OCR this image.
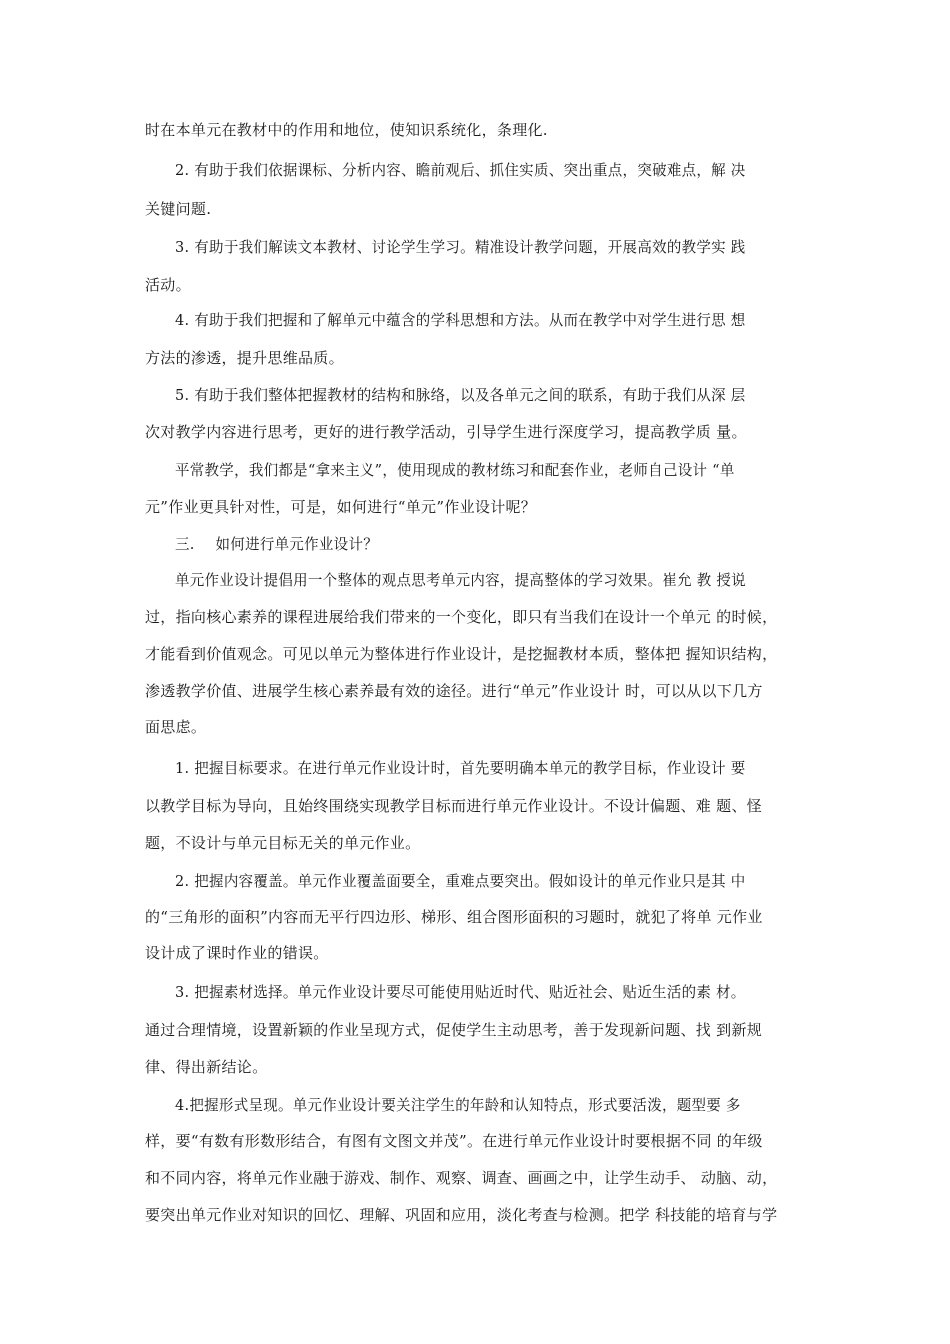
时在本单元在教材中的作用和地位，使知识系统化，条理化.
2. 有助于我们依据课标、分析内容、瞻前观后、抓住实质、突出重点，突破难点，解 决
关键问题.
3. 有助于我们解读文本教材、讨论学生学习。精准设计教学问题，开展高效的教学实 践
活动。
4. 有助于我们把握和了解单元中蕴含的学科思想和方法。从而在教学中对学生进行思 想
方法的渗透，提升思维品质。
5. 有助于我们整体把握教材的结构和脉络，以及各单元之间的联系，有助于我们从深 层
次对教学内容进行思考，更好的进行教学活动，引导学生进行深度学习，提高教学质 量。
平常教学，我们都是“拿来主义”，使用现成的教材练习和配套作业，老师自己设计 “单
元”作业更具针对性，可是，如何进行“单元”作业设计呢？
三. 如何进行单元作业设计？
单元作业设计提倡用一个整体的观点思考单元内容，提高整体的学习效果。崔允 教 授说
过，指向核心素养的课程进展给我们带来的一个变化，即只有当我们在设计一个单元 的时候，
才能看到价值观念。可见以单元为整体进行作业设计，是挖掘教材本质，整体把 握知识结构，
渗透教学价值、进展学生核心素养最有效的途径。进行“单元”作业设计 时，可以从以下几方
面思虑。
1. 把握目标要求。在进行单元作业设计时，首先要明确本单元的教学目标，作业设计 要
以教学目标为导向，且始终围绕实现教学目标而进行单元作业设计。不设计偏题、难 题、怪
题，不设计与单元目标无关的单元作业。
2. 把握内容覆盖。单元作业覆盖面要全，重难点要突出。假如设计的单元作业只是其 中
的“三角形的面积”内容而无平行四边形、梯形、组合图形面积的习题时，就犯了将单 元作业
设计成了课时作业的错误。
3. 把握素材选择。单元作业设计要尽可能使用贴近时代、贴近社会、贴近生活的素 材。
通过合理情境，设置新颖的作业呈现方式，促使学生主动思考，善于发现新问题、找 到新规
律、得出新结论。
4.把握形式呈现。单元作业设计要关注学生的年龄和认知特点，形式要活泼，题型要 多
样，要“有数有形数形结合，有图有文图文并茂”。在进行单元作业设计时要根据不同 的年级
和不同内容，将单元作业融于游戏、制作、观察、调查、画画之中，让学生动手、 动脑、动，
要突出单元作业对知识的回忆、理解、巩固和应用，淡化考查与检测。把学 科技能的培育与学
